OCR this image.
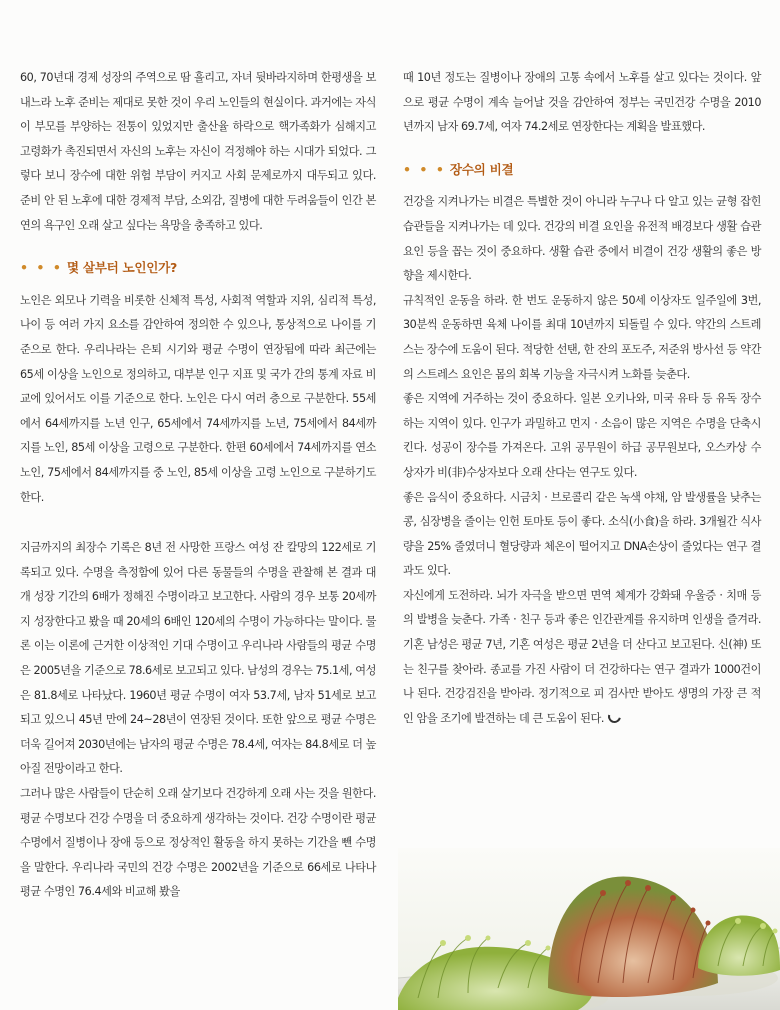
60, 70년대 경제 성장의 주역으로 땀 흘리고, 자녀 뒷바라지하며 한평생을 보내느라 노후 준비는 제대로 못한 것이 우리 노인들의 현실이다. 과거에는 자식이 부모를 부양하는 전통이 있었지만 출산율 하락으로 핵가족화가 심해지고 고령화가 촉진되면서 자신의 노후는 자신이 걱정해야 하는 시대가 되었다. 그렇다 보니 장수에 대한 위험 부담이 커지고 사회 문제로까지 대두되고 있다. 준비 안 된 노후에 대한 경제적 부담, 소외감, 질병에 대한 두려움들이 인간 본연의 욕구인 오래 살고 싶다는 욕망을 충족하고 있다.

• • • 몇 살부터 노인인가?

노인은 외모나 기력을 비롯한 신체적 특성, 사회적 역할과 지위, 심리적 특성, 나이 등 여러 가지 요소를 감안하여 정의한 수 있으나, 통상적으로 나이를 기준으로 한다. 우리나라는 은퇴 시기와 평균 수명이 연장됨에 따라 최근에는 65세 이상을 노인으로 정의하고, 대부분 인구 지표 및 국가 간의 통계 자료 비교에 있어서도 이를 기준으로 한다. 노인은 다시 여러 층으로 구분한다. 55세에서 64세까지를 노년 인구, 65세에서 74세까지를 노년, 75세에서 84세까지를 노인, 85세 이상을 고령으로 구분한다. 한편 60세에서 74세까지를 연소노인, 75세에서 84세까지를 중 노인, 85세 이상을 고령 노인으로 구분하기도 한다.

지금까지의 최장수 기록은 8년 전 사망한 프랑스 여성 잔 칼망의 122세로 기록되고 있다. 수명을 측정함에 있어 다른 동물들의 수명을 관찰해 본 결과 대개 성장 기간의 6배가 정해진 수명이라고 보고한다. 사람의 경우 보통 20세까지 성장한다고 봤을 때 20세의 6배인 120세의 수명이 가능하다는 말이다. 물론 이는 이론에 근거한 이상적인 기대 수명이고 우리나라 사람들의 평균 수명은 2005년을 기준으로 78.6세로 보고되고 있다. 남성의 경우는 75.1세, 여성은 81.8세로 나타났다. 1960년 평균 수명이 여자 53.7세, 남자 51세로 보고되고 있으니 45년 만에 24~28년이 연장된 것이다. 또한 앞으로 평균 수명은 더욱 길어져 2030년에는 남자의 평균 수명은 78.4세, 여자는 84.8세로 더 높아질 전망이라고 한다.

그러나 많은 사람들이 단순히 오래 살기보다 건강하게 오래 사는 것을 원한다. 평균 수명보다 건강 수명을 더 중요하게 생각하는 것이다. 건강 수명이란 평균 수명에서 질병이나 장애 등으로 정상적인 활동을 하지 못하는 기간을 뺀 수명을 말한다. 우리나라 국민의 건강 수명은 2002년을 기준으로 66세로 나타나 평균 수명인 76.4세와 비교해 봤을

때 10년 정도는 질병이나 장애의 고통 속에서 노후를 살고 있다는 것이다. 앞으로 평균 수명이 계속 늘어날 것을 감안하여 정부는 국민건강 수명을 2010년까지 남자 69.7세, 여자 74.2세로 연장한다는 계획을 발표했다.

• • • 장수의 비결

건강을 지켜나가는 비결은 특별한 것이 아니라 누구나 다 알고 있는 균형 잡힌 습관들을 지켜나가는 데 있다. 건강의 비결 요인을 유전적 배경보다 생활 습관 요인 등을 꼽는 것이 중요하다. 생활 습관 중에서 비결이 건강 생활의 좋은 방향을 제시한다.

규칙적인 운동을 하라. 한 번도 운동하지 않은 50세 이상자도 일주일에 3번, 30분씩 운동하면 육체 나이를 최대 10년까지 되돌릴 수 있다. 약간의 스트레스는 장수에 도움이 된다. 적당한 선탠, 한 잔의 포도주, 저준위 방사선 등 약간의 스트레스 요인은 몸의 회복 기능을 자극시켜 노화를 늦춘다.

좋은 지역에 거주하는 것이 중요하다. 일본 오키나와, 미국 유타 등 유독 장수하는 지역이 있다. 인구가 과밀하고 먼지 · 소음이 많은 지역은 수명을 단축시킨다. 성공이 장수를 가져온다. 고위 공무원이 하급 공무원보다, 오스카상 수상자가 비(非)수상자보다 오래 산다는 연구도 있다.

좋은 음식이 중요하다. 시금치 · 브로콜리 같은 녹색 야채, 암 발생률을 낮추는 콩, 심장병을 줄이는 인헌 토마토 등이 좋다. 소식(小食)을 하라. 3개월간 식사량을 25% 줄였더니 혈당량과 체온이 떨어지고 DNA손상이 줄었다는 연구 결과도 있다.

자신에게 도전하라. 뇌가 자극을 받으면 면역 체계가 강화돼 우울증 · 치매 등의 발병을 늦춘다. 가족 · 친구 등과 좋은 인간관계를 유지하며 인생을 즐겨라. 기혼 남성은 평균 7년, 기혼 여성은 평균 2년을 더 산다고 보고된다. 신(神) 또는 친구를 찾아라. 종교를 가진 사람이 더 건강하다는 연구 결과가 1000건이나 된다. 건강검진을 받아라. 정기적으로 피 검사만 받아도 생명의 가장 큰 적인 암을 조기에 발견하는 데 큰 도움이 된다.
